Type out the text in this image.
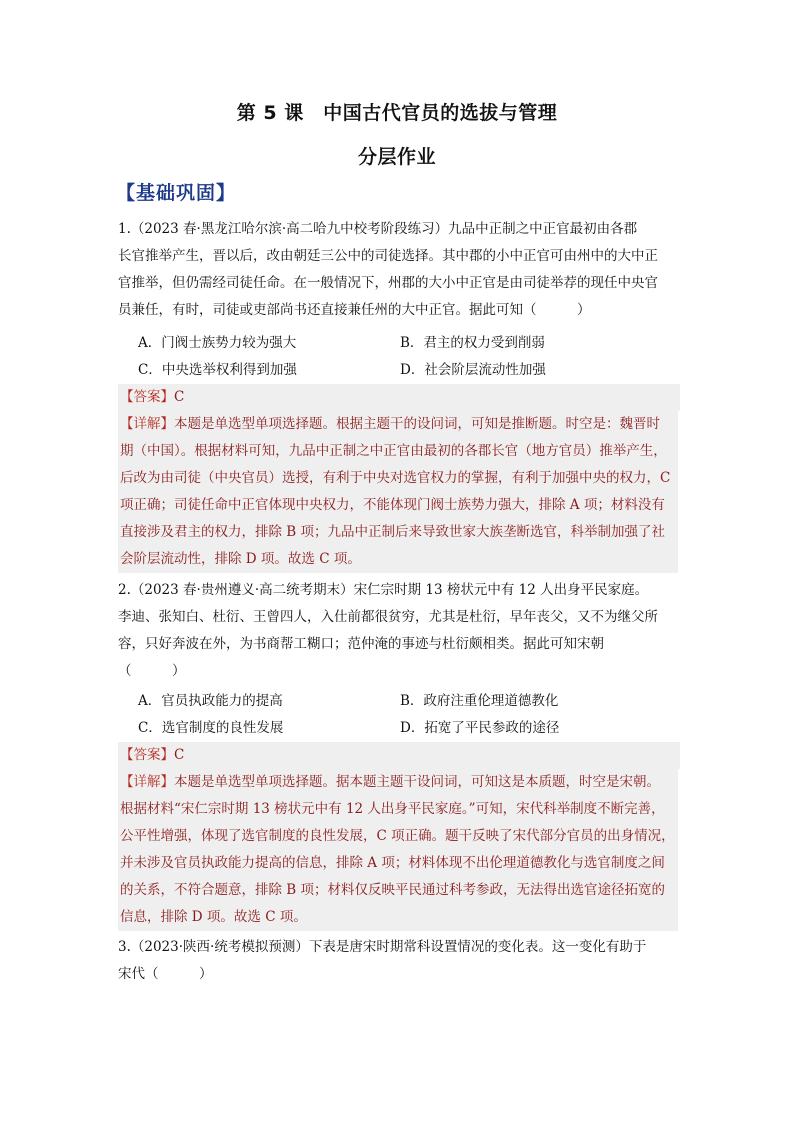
第 5 课　中国古代官员的选拔与管理
分层作业
【基础巩固】
1.（2023 春·黑龙江哈尔滨·高二哈九中校考阶段练习）九品中正制之中正官最初由各郡
长官推举产生，晋以后，改由朝廷三公中的司徒选择。其中郡的小中正官可由州中的大中正
官推举，但仍需经司徒任命。在一般情况下，州郡的大小中正官是由司徒举荐的现任中央官
员兼任，有时，司徒或吏部尚书还直接兼任州的大中正官。据此可知（　　　）
A．门阀士族势力较为强大	B．君主的权力受到削弱
C．中央选举权利得到加强	D．社会阶层流动性加强
【答案】C
【详解】本题是单选型单项选择题。根据主题干的设问词，可知是推断题。时空是：魏晋时
期（中国）。根据材料可知，九品中正制之中正官由最初的各郡长官（地方官员）推举产生，
后改为由司徒（中央官员）选授，有利于中央对选官权力的掌握，有利于加强中央的权力，C
项正确；司徒任命中正官体现中央权力，不能体现门阀士族势力强大，排除 A 项；材料没有
直接涉及君主的权力，排除 B 项；九品中正制后来导致世家大族垄断选官，科举制加强了社
会阶层流动性，排除 D 项。故选 C 项。
2.（2023 春·贵州遵义·高二统考期末）宋仁宗时期 13 榜状元中有 12 人出身平民家庭。
李迪、张知白、杜衍、王曾四人，入仕前都很贫穷，尤其是杜衍，早年丧父，又不为继父所
容，只好奔波在外，为书商帮工糊口；范仲淹的事迹与杜衍颇相类。据此可知宋朝
（　　　）
A．官员执政能力的提高	B．政府注重伦理道德教化
C．选官制度的良性发展	D．拓宽了平民参政的途径
【答案】C
【详解】本题是单选型单项选择题。据本题主题干设问词，可知这是本质题，时空是宋朝。
根据材料“宋仁宗时期 13 榜状元中有 12 人出身平民家庭。”可知，宋代科举制度不断完善，
公平性增强，体现了选官制度的良性发展，C 项正确。题干反映了宋代部分官员的出身情况，
并未涉及官员执政能力提高的信息，排除 A 项；材料体现不出伦理道德教化与选官制度之间
的关系，不符合题意，排除 B 项；材料仅反映平民通过科考参政，无法得出选官途径拓宽的
信息，排除 D 项。故选 C 项。
3.（2023·陕西·统考模拟预测）下表是唐宋时期常科设置情况的变化表。这一变化有助于
宋代（　　　）
